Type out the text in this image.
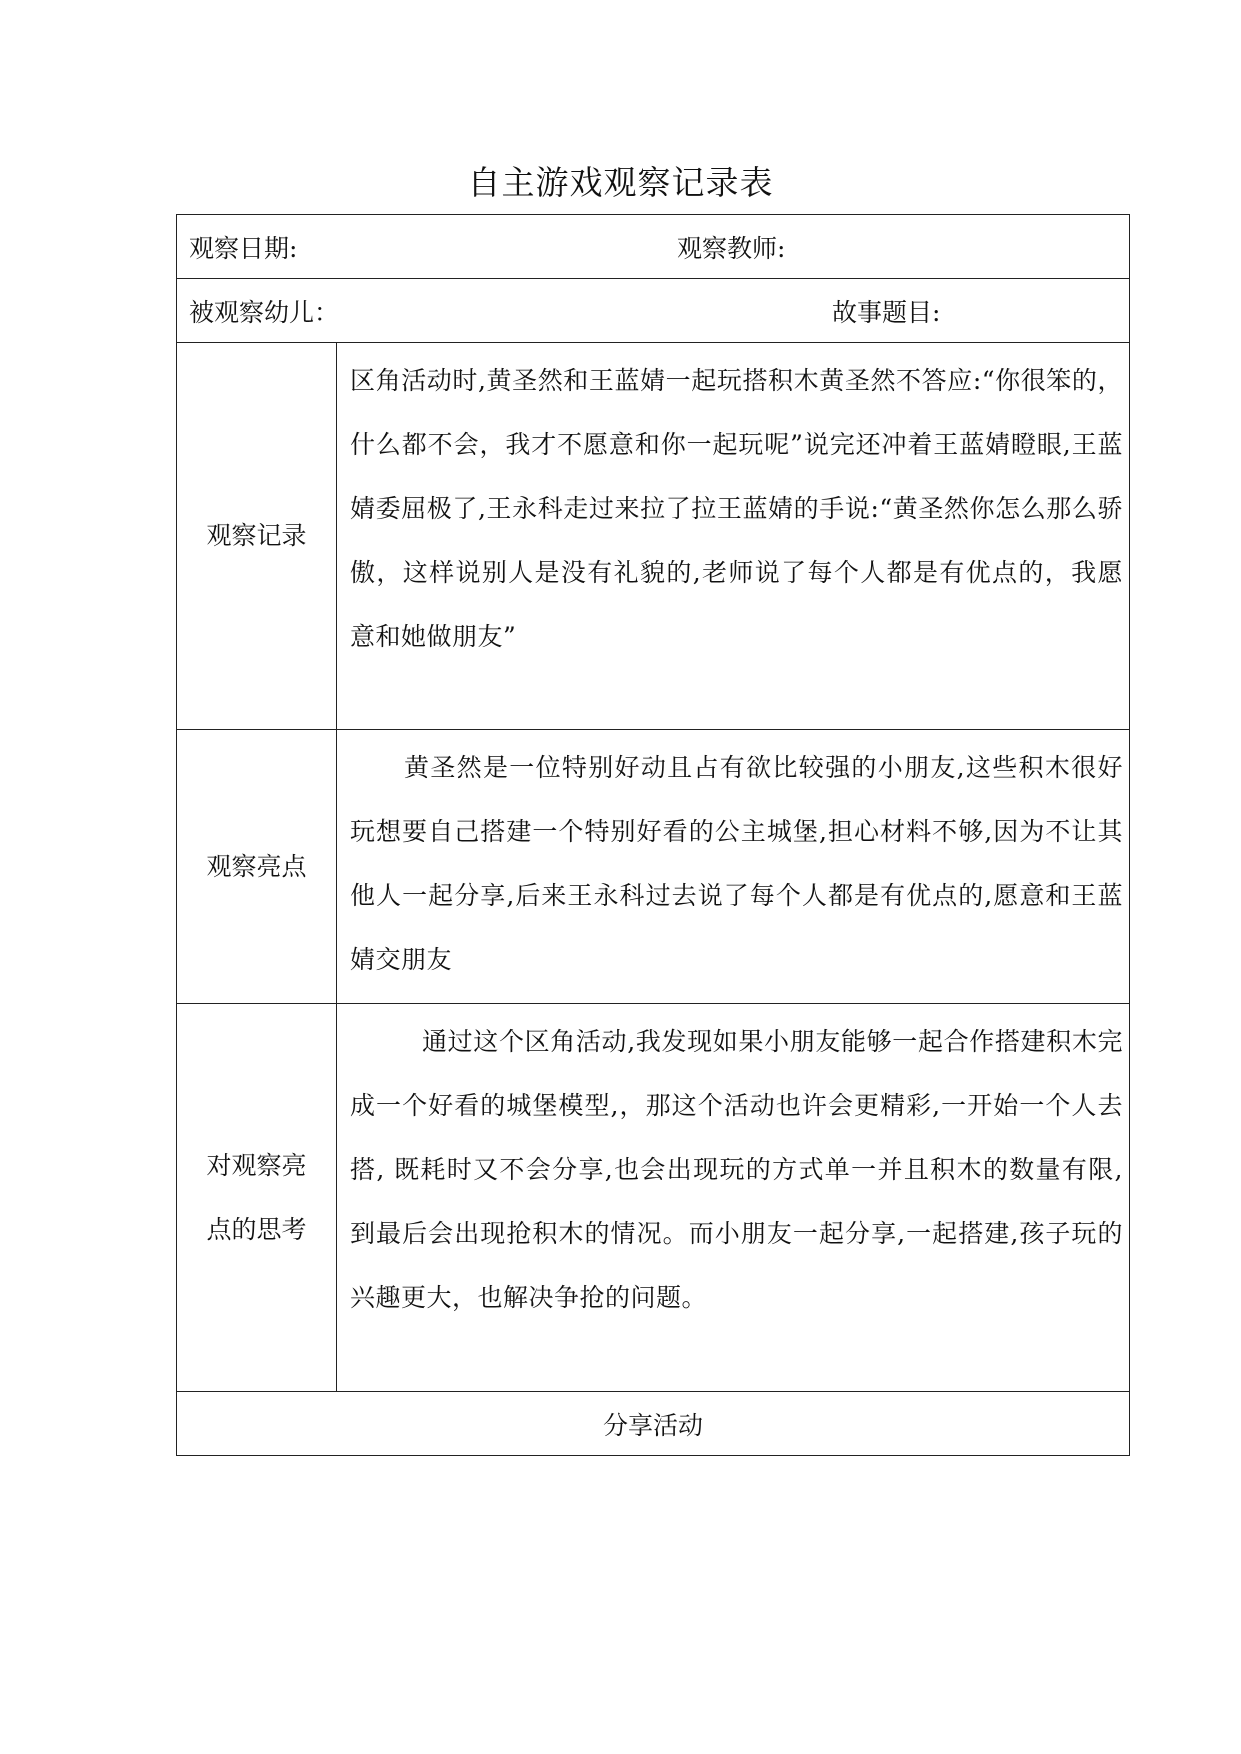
自主游戏观察记录表
观察日期: 观察教师:	

被观察幼儿： 故事题目:	

观察记录	区角活动时,黄圣然和王蓝婧一起玩搭积木黄圣然不答应:“你很笨的，什么都不会，我才不愿意和你一起玩呢”说完还冲着王蓝婧瞪眼,王蓝婧委屈极了,王永科走过来拉了拉王蓝婧的手说:“黄圣然你怎么那么骄傲，这样说别人是没有礼貌的,老师说了每个人都是有优点的，我愿意和她做朋友”

观察亮点	黄圣然是一位特别好动且占有欲比较强的小朋友,这些积木很好玩想要自己搭建一个特别好看的公主城堡,担心材料不够,因为不让其他人一起分享,后来王永科过去说了每个人都是有优点的,愿意和王蓝婧交朋友

对观察亮
点的思考	通过这个区角活动,我发现如果小朋友能够一起合作搭建积木完成一个好看的城堡模型,，那这个活动也许会更精彩,一开始一个人去搭, 既耗时又不会分享,也会出现玩的方式单一并且积木的数量有限, 到最后会出现抢积木的情况。而小朋友一起分享,一起搭建,孩子玩的兴趣更大，也解决争抢的问题。
分享活动	
